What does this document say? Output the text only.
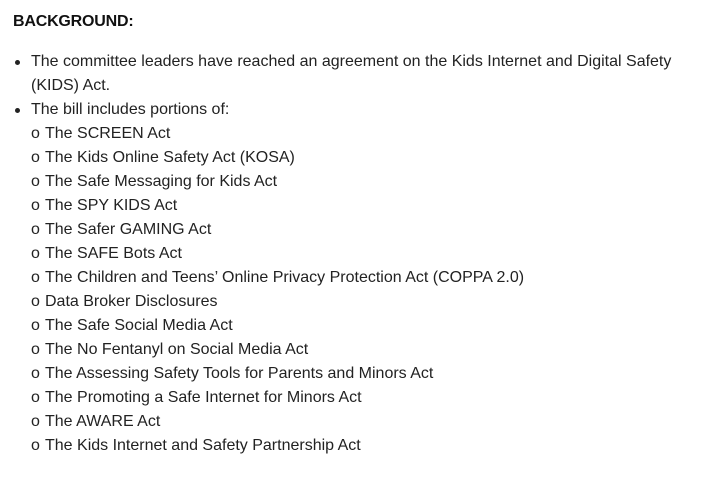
BACKGROUND:
The committee leaders have reached an agreement on the Kids Internet and Digital Safety (KIDS) Act.
The bill includes portions of:
o The SCREEN Act
o The Kids Online Safety Act (KOSA)
o The Safe Messaging for Kids Act
o The SPY KIDS Act
o The Safer GAMING Act
o The SAFE Bots Act
o The Children and Teens’ Online Privacy Protection Act (COPPA 2.0)
o Data Broker Disclosures
o The Safe Social Media Act
o The No Fentanyl on Social Media Act
o The Assessing Safety Tools for Parents and Minors Act
o The Promoting a Safe Internet for Minors Act
o The AWARE Act
o The Kids Internet and Safety Partnership Act
